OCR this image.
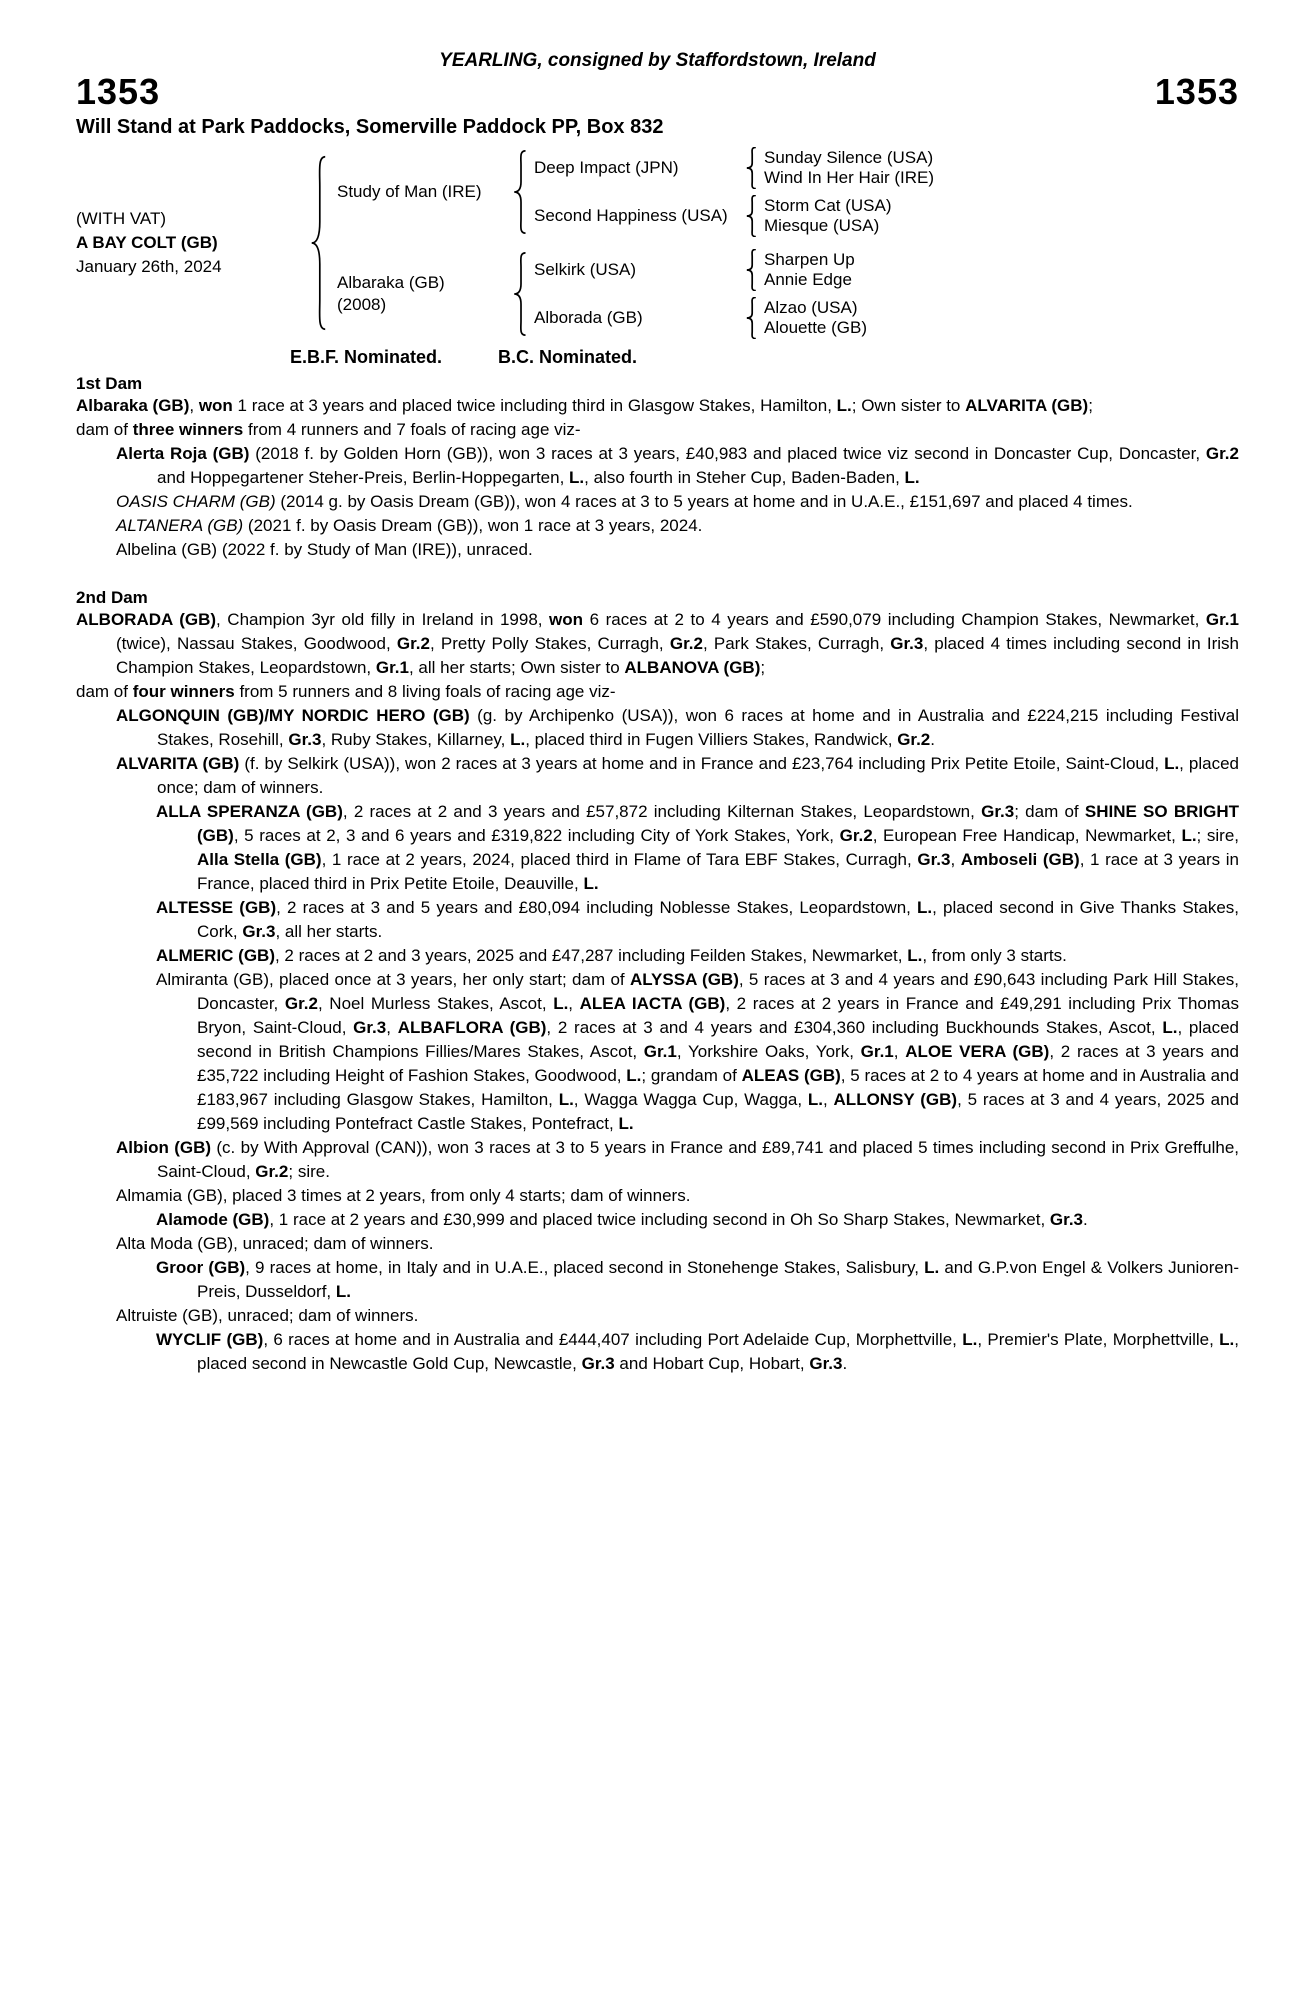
YEARLING, consigned by Staffordstown, Ireland
1353	1353
Will Stand at Park Paddocks, Somerville Paddock PP, Box 832
(WITH VAT)
A BAY COLT (GB)
January 26th, 2024
Study of Man (IRE)
Deep Impact (JPN)
Sunday Silence (USA)
Wind In Her Hair (IRE)
Second Happiness (USA)
Storm Cat (USA)
Miesque (USA)
Albaraka (GB)
(2008)
Selkirk (USA)
Sharpen Up
Annie Edge
Alborada (GB)
Alzao (USA)
Alouette (GB)
E.B.F. Nominated.	B.C. Nominated.
1st Dam

Albaraka (GB), won 1 race at 3 years and placed twice including third in Glasgow Stakes, Hamilton, L.; Own sister to ALVARITA (GB);

dam of three winners from 4 runners and 7 foals of racing age viz-

Alerta Roja (GB) (2018 f. by Golden Horn (GB)), won 3 races at 3 years, £40,983 and placed twice viz second in Doncaster Cup, Doncaster, Gr.2 and Hoppegartener Steher-Preis, Berlin-Hoppegarten, L., also fourth in Steher Cup, Baden-Baden, L.

OASIS CHARM (GB) (2014 g. by Oasis Dream (GB)), won 4 races at 3 to 5 years at home and in U.A.E., £151,697 and placed 4 times.

ALTANERA (GB) (2021 f. by Oasis Dream (GB)), won 1 race at 3 years, 2024.

Albelina (GB) (2022 f. by Study of Man (IRE)), unraced.

2nd Dam

ALBORADA (GB), Champion 3yr old filly in Ireland in 1998, won 6 races at 2 to 4 years and £590,079 including Champion Stakes, Newmarket, Gr.1 (twice), Nassau Stakes, Goodwood, Gr.2, Pretty Polly Stakes, Curragh, Gr.2, Park Stakes, Curragh, Gr.3, placed 4 times including second in Irish Champion Stakes, Leopardstown, Gr.1, all her starts; Own sister to ALBANOVA (GB);

dam of four winners from 5 runners and 8 living foals of racing age viz-

ALGONQUIN (GB)/MY NORDIC HERO (GB) (g. by Archipenko (USA)), won 6 races at home and in Australia and £224,215 including Festival Stakes, Rosehill, Gr.3, Ruby Stakes, Killarney, L., placed third in Fugen Villiers Stakes, Randwick, Gr.2.

ALVARITA (GB) (f. by Selkirk (USA)), won 2 races at 3 years at home and in France and £23,764 including Prix Petite Etoile, Saint-Cloud, L., placed once; dam of winners.

ALLA SPERANZA (GB), 2 races at 2 and 3 years and £57,872 including Kilternan Stakes, Leopardstown, Gr.3; dam of SHINE SO BRIGHT (GB), 5 races at 2, 3 and 6 years and £319,822 including City of York Stakes, York, Gr.2, European Free Handicap, Newmarket, L.; sire, Alla Stella (GB), 1 race at 2 years, 2024, placed third in Flame of Tara EBF Stakes, Curragh, Gr.3, Amboseli (GB), 1 race at 3 years in France, placed third in Prix Petite Etoile, Deauville, L.

ALTESSE (GB), 2 races at 3 and 5 years and £80,094 including Noblesse Stakes, Leopardstown, L., placed second in Give Thanks Stakes, Cork, Gr.3, all her starts.

ALMERIC (GB), 2 races at 2 and 3 years, 2025 and £47,287 including Feilden Stakes, Newmarket, L., from only 3 starts.

Almiranta (GB), placed once at 3 years, her only start; dam of ALYSSA (GB), 5 races at 3 and 4 years and £90,643 including Park Hill Stakes, Doncaster, Gr.2, Noel Murless Stakes, Ascot, L., ALEA IACTA (GB), 2 races at 2 years in France and £49,291 including Prix Thomas Bryon, Saint-Cloud, Gr.3, ALBAFLORA (GB), 2 races at 3 and 4 years and £304,360 including Buckhounds Stakes, Ascot, L., placed second in British Champions Fillies/Mares Stakes, Ascot, Gr.1, Yorkshire Oaks, York, Gr.1, ALOE VERA (GB), 2 races at 3 years and £35,722 including Height of Fashion Stakes, Goodwood, L.; grandam of ALEAS (GB), 5 races at 2 to 4 years at home and in Australia and £183,967 including Glasgow Stakes, Hamilton, L., Wagga Wagga Cup, Wagga, L., ALLONSY (GB), 5 races at 3 and 4 years, 2025 and £99,569 including Pontefract Castle Stakes, Pontefract, L.

Albion (GB) (c. by With Approval (CAN)), won 3 races at 3 to 5 years in France and £89,741 and placed 5 times including second in Prix Greffulhe, Saint-Cloud, Gr.2; sire.

Almamia (GB), placed 3 times at 2 years, from only 4 starts; dam of winners.

Alamode (GB), 1 race at 2 years and £30,999 and placed twice including second in Oh So Sharp Stakes, Newmarket, Gr.3.

Alta Moda (GB), unraced; dam of winners.

Groor (GB), 9 races at home, in Italy and in U.A.E., placed second in Stonehenge Stakes, Salisbury, L. and G.P.von Engel & Volkers Junioren-Preis, Dusseldorf, L.

Altruiste (GB), unraced; dam of winners.

WYCLIF (GB), 6 races at home and in Australia and £444,407 including Port Adelaide Cup, Morphettville, L., Premier's Plate, Morphettville, L., placed second in Newcastle Gold Cup, Newcastle, Gr.3 and Hobart Cup, Hobart, Gr.3.
